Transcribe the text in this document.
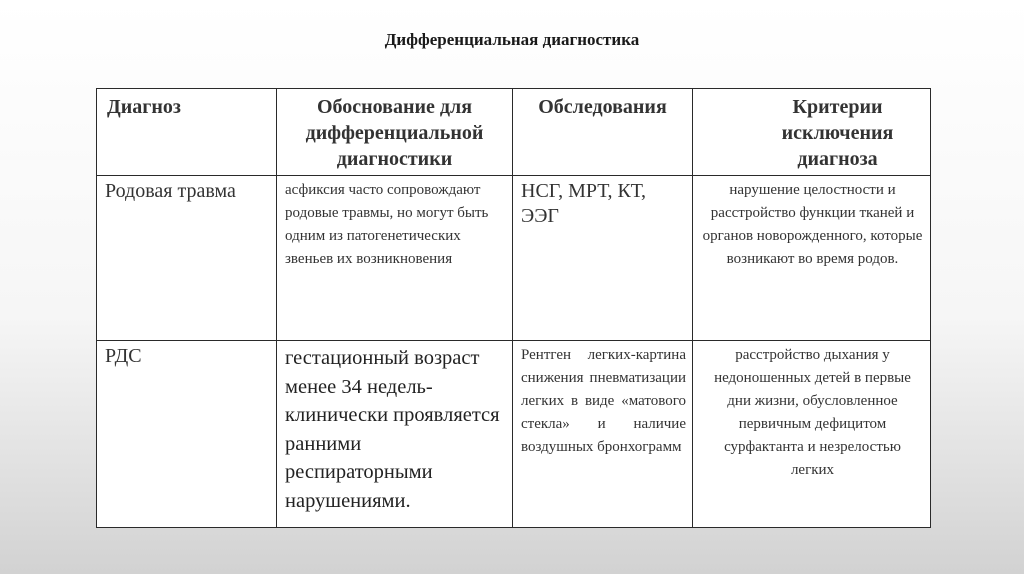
Дифференциальная диагностика
Диагноз	Обоснование для дифференциальной диагностики	Обследования	Критерии исключения диагноза
Родовая травма	асфиксия часто сопровождают родовые травмы, но могут быть одним из патогенетических звеньев их возникновения	НСГ, МРТ, КТ, ЭЭГ	нарушение целостности и расстройство функции тканей и органов новорожденного, которые возникают во время родов.
РДС	гестационный возраст менее 34 недель- клинически проявляется ранними респираторными нарушениями.	Рентген легких-картина снижения пневматизации легких в виде «матового стекла» и наличие воздушных бронхограмм	расстройство дыхания у недоношенных детей в первые дни жизни, обусловленное первичным дефицитом сурфактанта и незрелостью легких
